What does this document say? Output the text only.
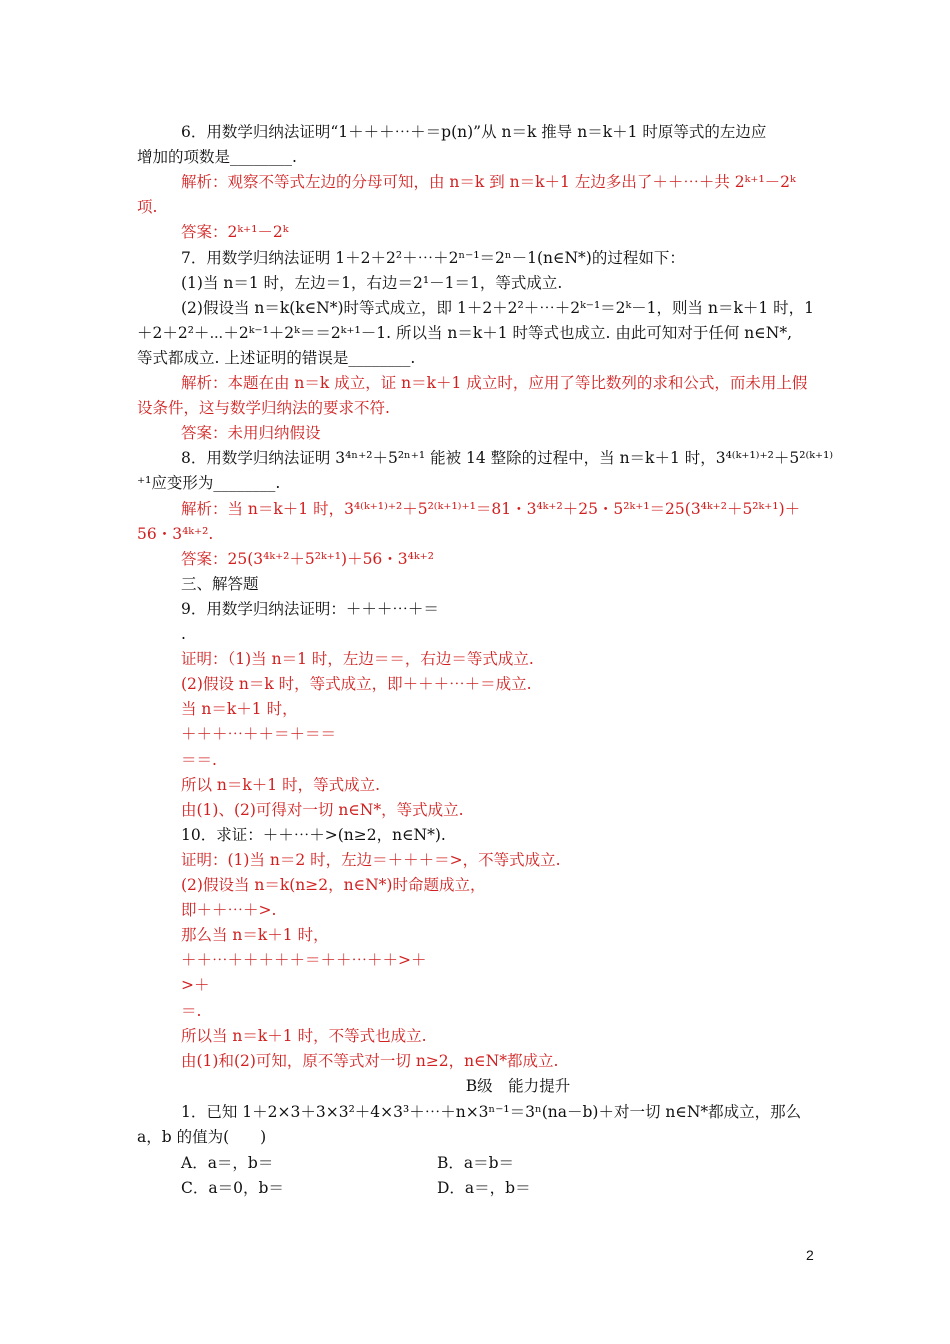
6．用数学归纳法证明“1＋＋＋⋯＋＝p(n)”从 n＝k 推导 n＝k＋1 时原等式的左边应
增加的项数是________.
解析：观察不等式左边的分母可知，由 n＝k 到 n＝k＋1 左边多出了＋＋⋯＋共 2ᵏ⁺¹－2ᵏ
项.
答案：2ᵏ⁺¹－2ᵏ
7．用数学归纳法证明 1＋2＋2²＋⋯＋2ⁿ⁻¹＝2ⁿ－1(n∈N*)的过程如下：
(1)当 n＝1 时，左边＝1，右边＝2¹－1＝1，等式成立.
(2)假设当 n＝k(k∈N*)时等式成立，即 1＋2＋2²＋⋯＋2ᵏ⁻¹＝2ᵏ－1，则当 n＝k＋1 时，1
＋2＋2²＋⋯＋2ᵏ⁻¹＋2ᵏ＝＝2ᵏ⁺¹－1. 所以当 n＝k＋1 时等式也成立. 由此可知对于任何 n∈N*,
等式都成立. 上述证明的错误是________.
解析：本题在由 n＝k 成立，证 n＝k＋1 成立时，应用了等比数列的求和公式，而未用上假
设条件，这与数学归纳法的要求不符.
答案：未用归纳假设
8．用数学归纳法证明 3⁴ⁿ⁺²＋5²ⁿ⁺¹ 能被 14 整除的过程中，当 n＝k＋1 时，3⁴⁽ᵏ⁺¹⁾⁺²＋5²⁽ᵏ⁺¹⁾
⁺¹应变形为________.
解析：当 n＝k＋1 时，3⁴⁽ᵏ⁺¹⁾⁺²＋5²⁽ᵏ⁺¹⁾⁺¹＝81・3⁴ᵏ⁺²＋25・5²ᵏ⁺¹＝25(3⁴ᵏ⁺²＋5²ᵏ⁺¹)＋
56・3⁴ᵏ⁺².
答案：25(3⁴ᵏ⁺²＋5²ᵏ⁺¹)＋56・3⁴ᵏ⁺²
三、解答题
9．用数学归纳法证明：＋＋＋⋯＋＝
.
证明：（1)当 n＝1 时，左边＝＝，右边＝等式成立.
(2)假设 n＝k 时，等式成立，即＋＋＋⋯＋＝成立.
当 n＝k＋1 时，
＋＋＋⋯＋＋＝＋＝＝
＝＝.
所以 n＝k＋1 时，等式成立.
由(1)、(2)可得对一切 n∈N*，等式成立.
10．求证：＋＋⋯＋>(n≥2，n∈N*).
证明：(1)当 n＝2 时，左边＝＋＋＋＝>，不等式成立.
(2)假设当 n＝k(n≥2，n∈N*)时命题成立，
即＋＋⋯＋>.
那么当 n＝k＋1 时，
＋＋⋯＋＋＋＋＋＝＋＋⋯＋＋>＋
>＋
＝.
所以当 n＝k＋1 时，不等式也成立.
由(1)和(2)可知，原不等式对一切 n≥2，n∈N*都成立.
B级　能力提升
1．已知 1＋2×3＋3×3²＋4×3³＋⋯＋n×3ⁿ⁻¹＝3ⁿ(na－b)＋对一切 n∈N*都成立，那么
a，b 的值为(　　)
A．a＝，b＝	B．a＝b＝
C．a＝0，b＝	D．a＝，b＝
2
